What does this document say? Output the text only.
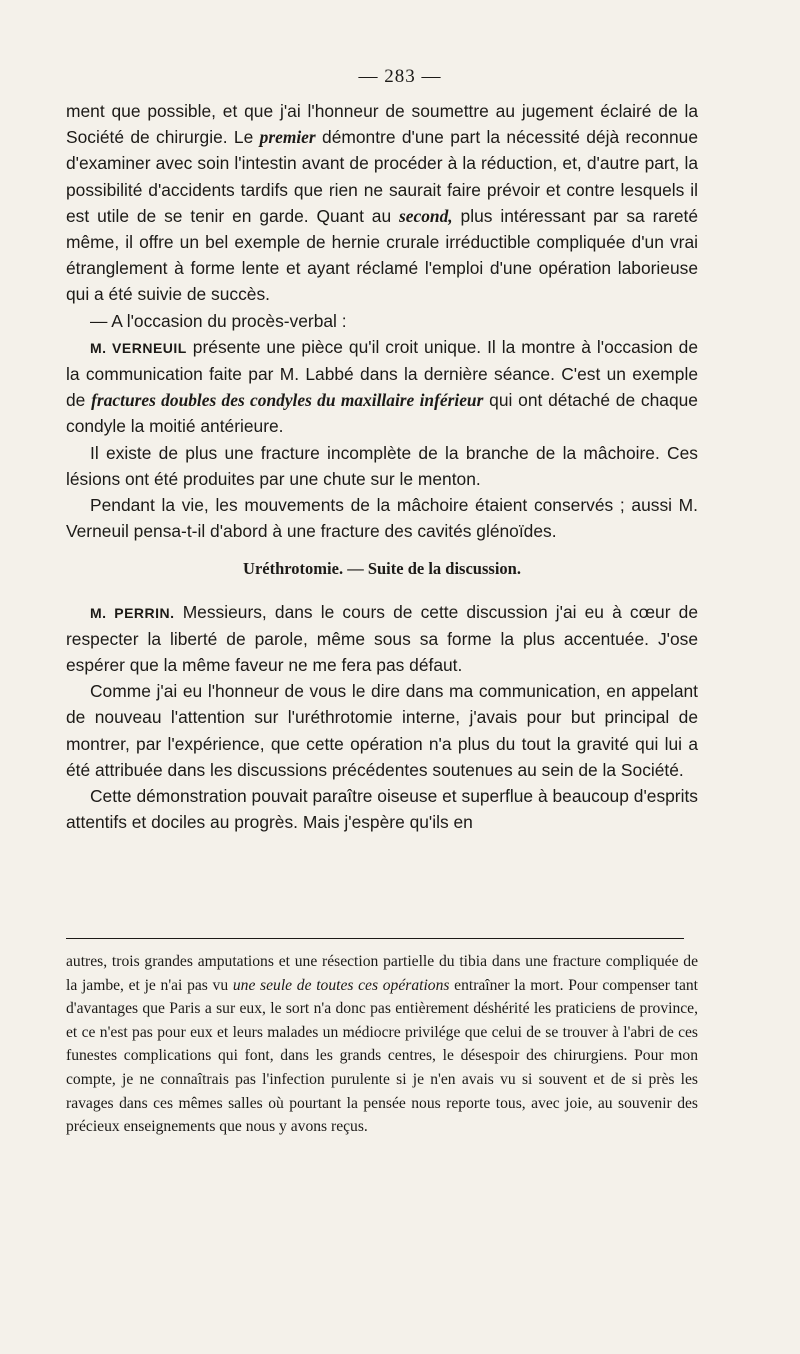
— 283 —

ment que possible, et que j'ai l'honneur de soumettre au jugement éclairé de la Société de chirurgie. Le premier démontre d'une part la nécessité déjà reconnue d'examiner avec soin l'intestin avant de procéder à la réduction, et, d'autre part, la possibilité d'accidents tardifs que rien ne saurait faire prévoir et contre lesquels il est utile de se tenir en garde. Quant au second, plus intéressant par sa rareté même, il offre un bel exemple de hernie crurale irréductible compliquée d'un vrai étranglement à forme lente et ayant réclamé l'emploi d'une opération laborieuse qui a été suivie de succès.

— A l'occasion du procès-verbal :

M. VERNEUIL présente une pièce qu'il croit unique. Il la montre à l'occasion de la communication faite par M. Labbé dans la dernière séance. C'est un exemple de fractures doubles des condyles du maxillaire inférieur qui ont détaché de chaque condyle la moitié antérieure.

Il existe de plus une fracture incomplète de la branche de la mâchoire. Ces lésions ont été produites par une chute sur le menton.

Pendant la vie, les mouvements de la mâchoire étaient conservés ; aussi M. Verneuil pensa-t-il d'abord à une fracture des cavités glénoïdes.

Uréthrotomie. — Suite de la discussion.

M. PERRIN. Messieurs, dans le cours de cette discussion j'ai eu à cœur de respecter la liberté de parole, même sous sa forme la plus accentuée. J'ose espérer que la même faveur ne me fera pas défaut.

Comme j'ai eu l'honneur de vous le dire dans ma communication, en appelant de nouveau l'attention sur l'uréthrotomie interne, j'avais pour but principal de montrer, par l'expérience, que cette opération n'a plus du tout la gravité qui lui a été attribuée dans les discussions précédentes soutenues au sein de la Société.

Cette démonstration pouvait paraître oiseuse et superflue à beaucoup d'esprits attentifs et dociles au progrès. Mais j'espère qu'ils en

autres, trois grandes amputations et une résection partielle du tibia dans une fracture compliquée de la jambe, et je n'ai pas vu une seule de toutes ces opérations entraîner la mort. Pour compenser tant d'avantages que Paris a sur eux, le sort n'a donc pas entièrement déshérité les praticiens de province, et ce n'est pas pour eux et leurs malades un médiocre privilége que celui de se trouver à l'abri de ces funestes complications qui font, dans les grands centres, le désespoir des chirurgiens. Pour mon compte, je ne connaîtrais pas l'infection purulente si je n'en avais vu si souvent et de si près les ravages dans ces mêmes salles où pourtant la pensée nous reporte tous, avec joie, au souvenir des précieux enseignements que nous y avons reçus.
